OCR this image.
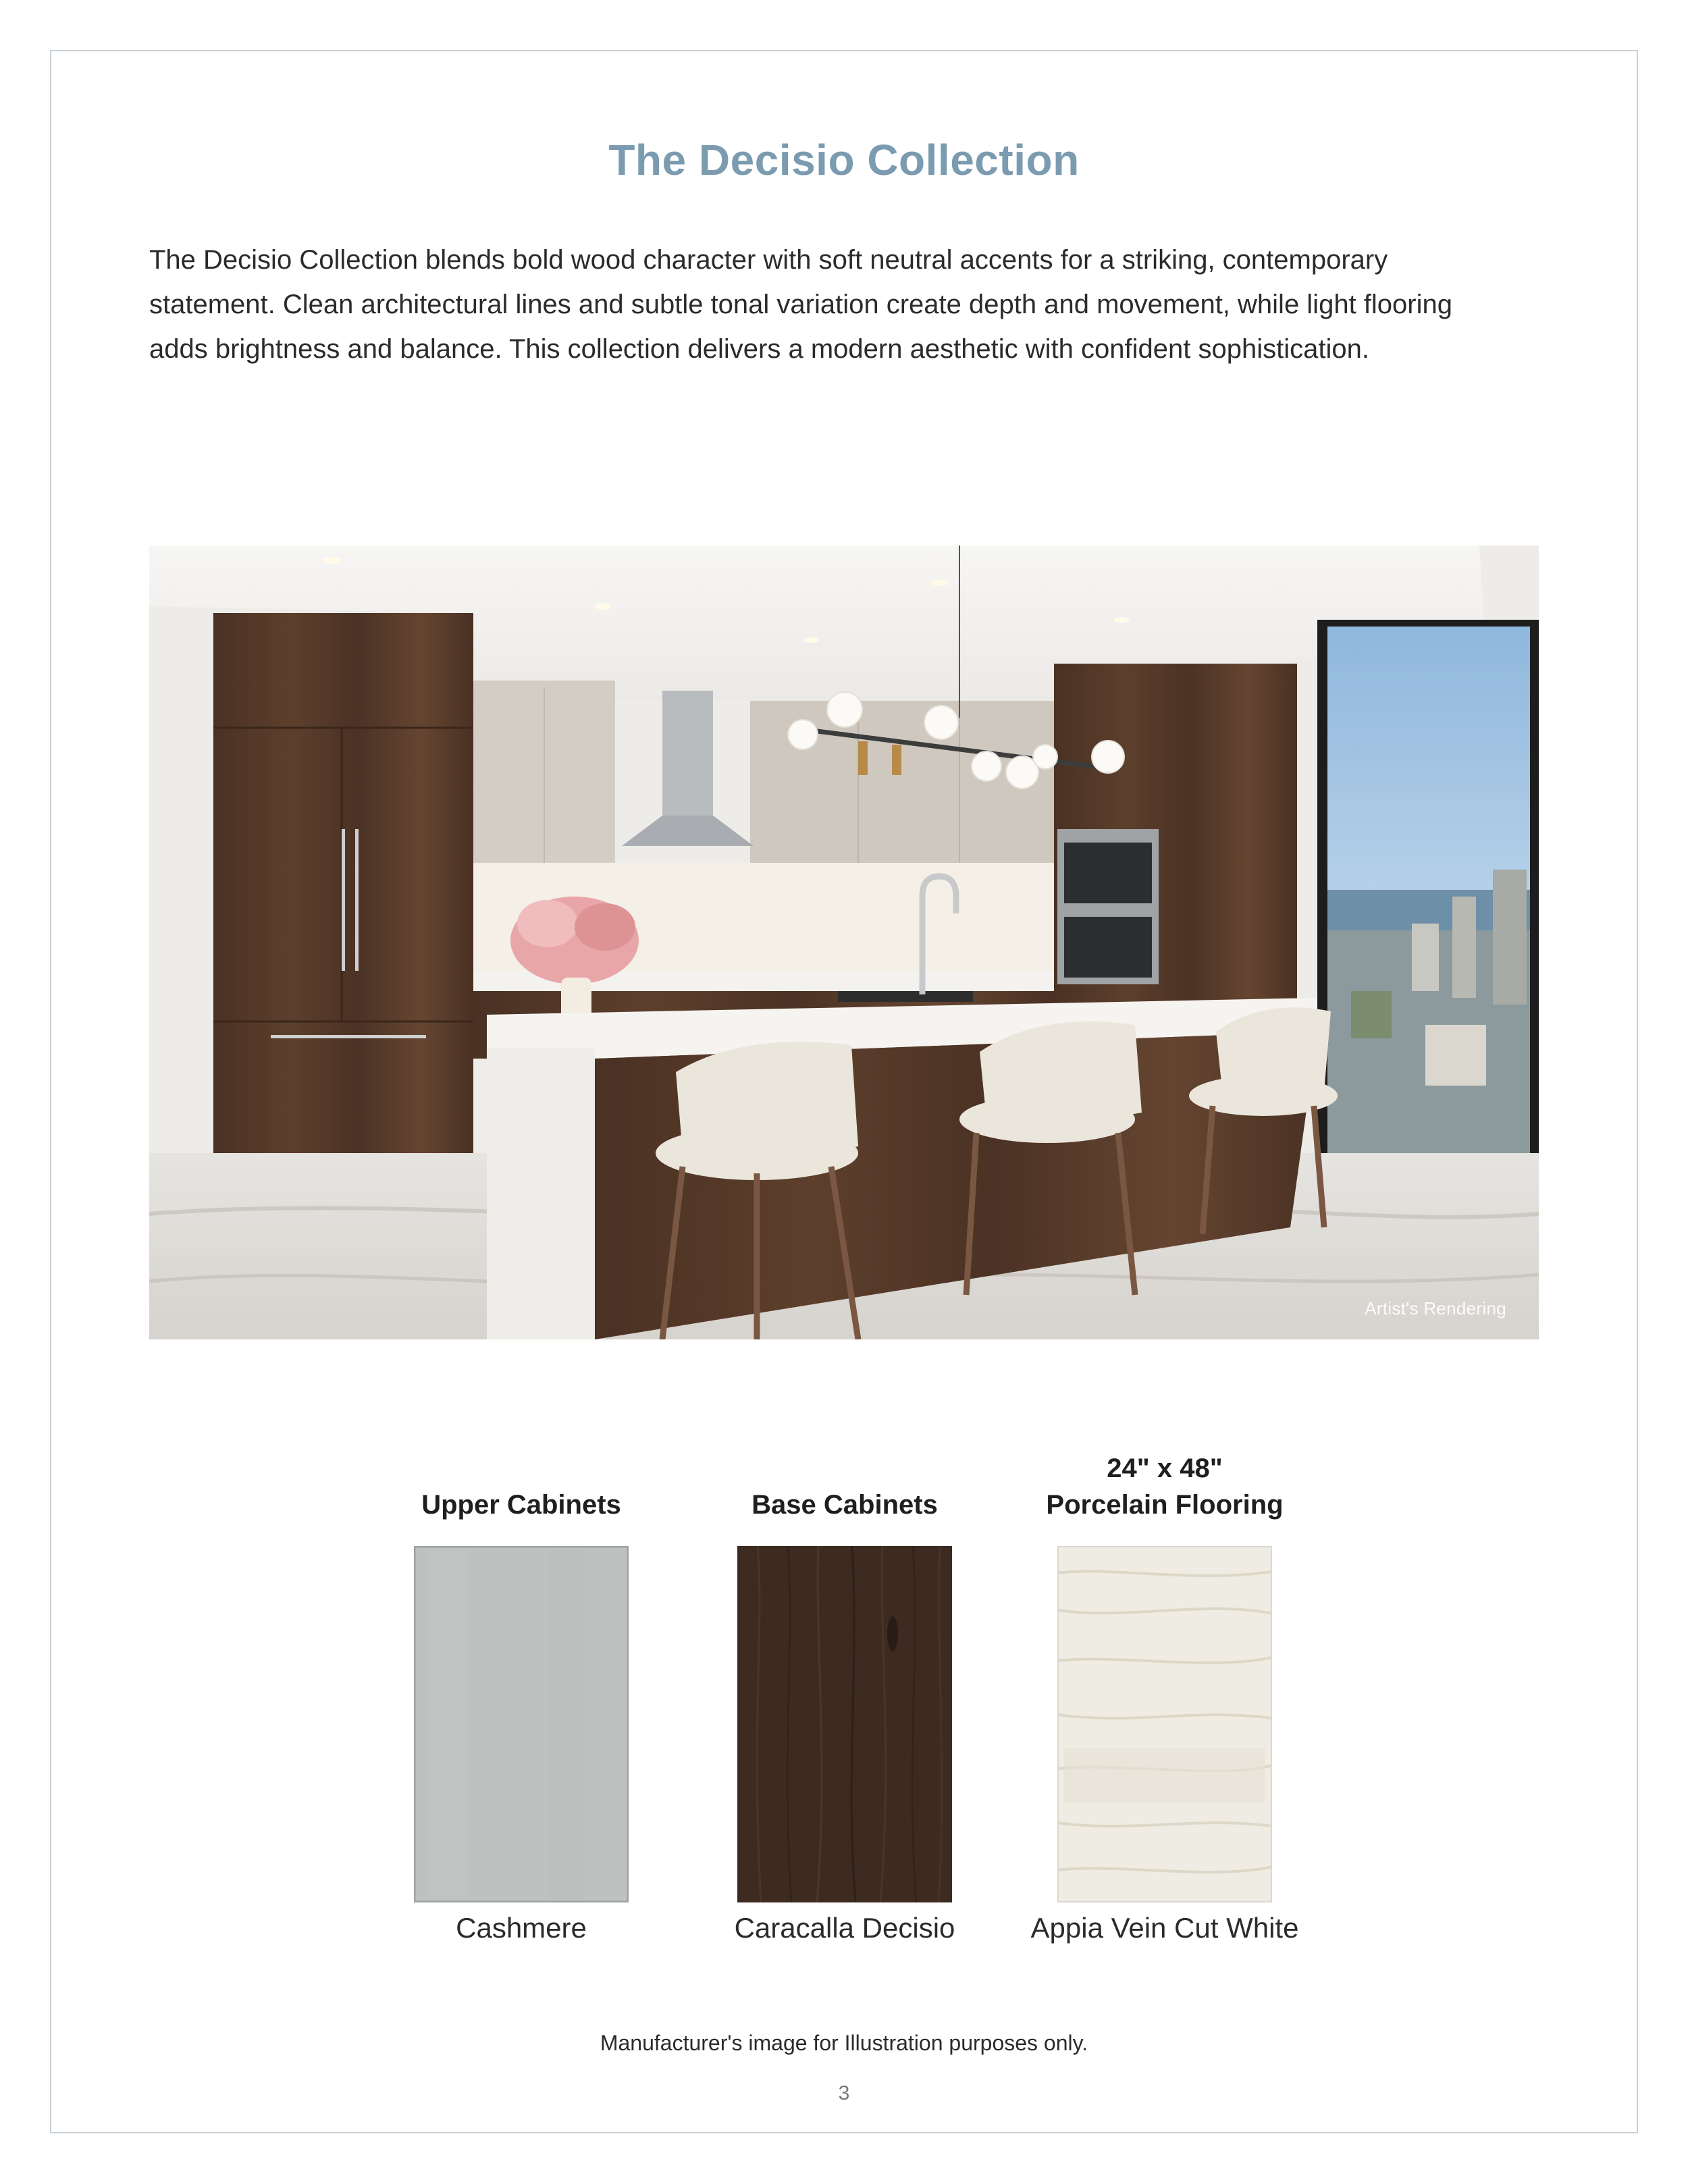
The Decisio Collection
The Decisio Collection blends bold wood character with soft neutral accents for a striking, contemporary
statement. Clean architectural lines and subtle tonal variation create depth and movement, while light flooring
adds brightness and balance. This collection delivers a modern aesthetic with confident sophistication.
Artist's Rendering
Upper Cabinets
Cashmere
Base Cabinets
Caracalla Decisio
24" x 48"
Porcelain Flooring
Appia Vein Cut White
Manufacturer's image for Illustration purposes only.
3
